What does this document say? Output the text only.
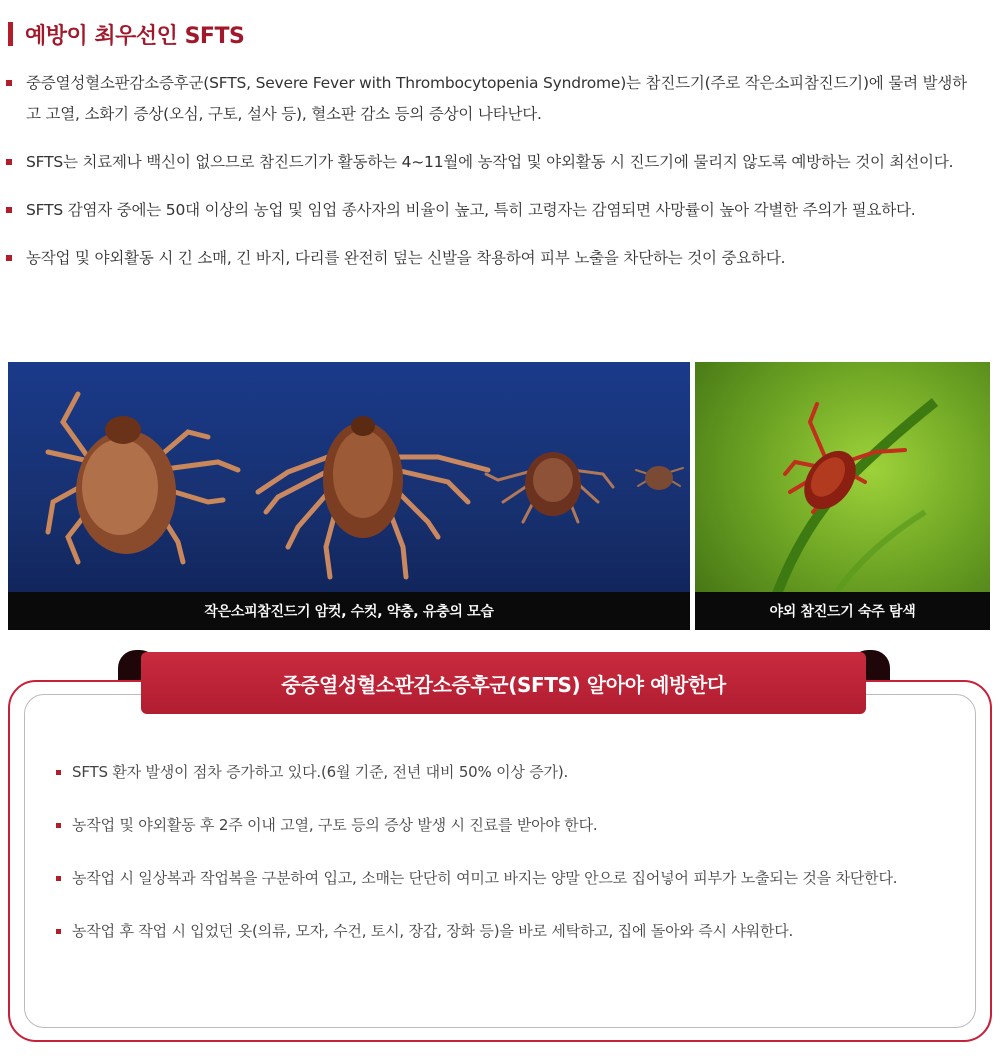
예방이 최우선인 SFTS
중증열성혈소판감소증후군(SFTS, Severe Fever with Thrombocytopenia Syndrome)는 참진드기(주로 작은소피참진드기)에 물려 발생하고 고열, 소화기 증상(오심, 구토, 설사 등), 혈소판 감소 등의 증상이 나타난다.
SFTS는 치료제나 백신이 없으므로 참진드기가 활동하는 4~11월에 농작업 및 야외활동 시 진드기에 물리지 않도록 예방하는 것이 최선이다.
SFTS 감염자 중에는 50대 이상의 농업 및 임업 종사자의 비율이 높고, 특히 고령자는 감염되면 사망률이 높아 각별한 주의가 필요하다.
농작업 및 야외활동 시 긴 소매, 긴 바지, 다리를 완전히 덮는 신발을 착용하여 피부 노출을 차단하는 것이 중요하다.
작은소피참진드기 암컷, 수컷, 약충, 유충의 모습	야외 참진드기 숙주 탐색
중증열성혈소판감소증후군(SFTS) 알아야 예방한다
SFTS 환자 발생이 점차 증가하고 있다.(6월 기준, 전년 대비 50% 이상 증가).
농작업 및 야외활동 후 2주 이내 고열, 구토 등의 증상 발생 시 진료를 받아야 한다.
농작업 시 일상복과 작업복을 구분하여 입고, 소매는 단단히 여미고 바지는 양말 안으로 집어넣어 피부가 노출되는 것을 차단한다.
농작업 후 작업 시 입었던 옷(의류, 모자, 수건, 토시, 장갑, 장화 등)을 바로 세탁하고, 집에 돌아와 즉시 샤워한다.
